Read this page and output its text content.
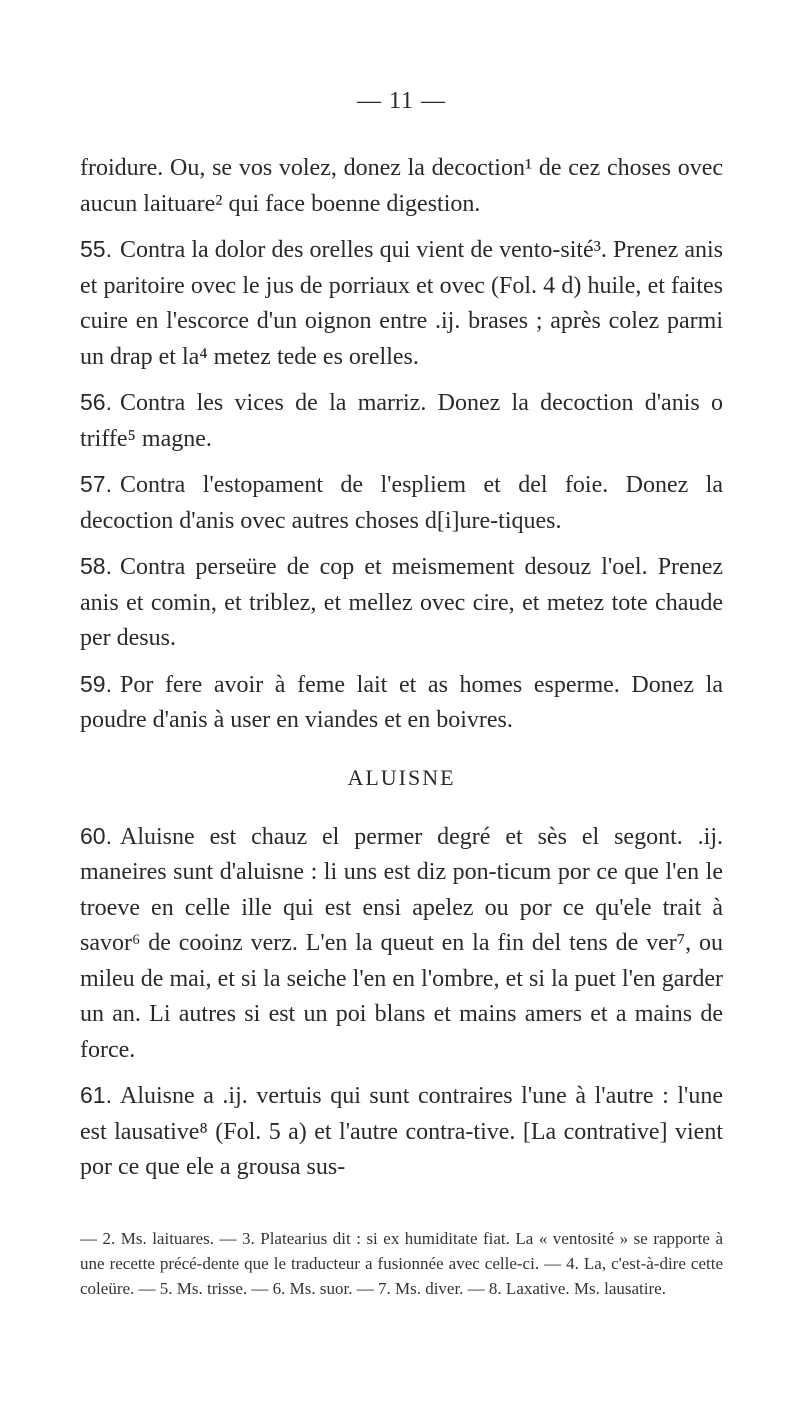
— 11 —

froidure. Ou, se vos volez, donez la decoction¹ de cez choses ovec aucun laituare² qui face boenne digestion.

55. Contra la dolor des orelles qui vient de vento-sité³. Prenez anis et paritoire ovec le jus de porriaux et ovec (Fol. 4 d) huile, et faites cuire en l'escorce d'un oignon entre .ij. brases ; après colez parmi un drap et la⁴ metez tede es orelles.

56. Contra les vices de la marriz. Donez la decoction d'anis o triffe⁵ magne.

57. Contra l'estopament de l'espliem et del foie. Donez la decoction d'anis ovec autres choses d[i]ure-tiques.

58. Contra perseüre de cop et meismement desouz l'oel. Prenez anis et comin, et triblez, et mellez ovec cire, et metez tote chaude per desus.

59. Por fere avoir à feme lait et as homes esperme. Donez la poudre d'anis à user en viandes et en boivres.

ALUISNE

60. Aluisne est chauz el permer degré et sès el segont. .ij. maneires sunt d'aluisne : li uns est diz pon-ticum por ce que l'en le troeve en celle ille qui est ensi apelez ou por ce qu'ele trait à savor⁶ de cooinz verz. L'en la queut en la fin del tens de ver⁷, ou mileu de mai, et si la seiche l'en en l'ombre, et si la puet l'en garder un an. Li autres si est un poi blans et mains amers et a mains de force.

61. Aluisne a .ij. vertuis qui sunt contraires l'une à l'autre : l'une est lausative⁸ (Fol. 5 a) et l'autre contra-tive. [La contrative] vient por ce que ele a grousa sus-

— 2. Ms. laituares. — 3. Platearius dit : si ex humiditate fiat. La « ventosité » se rapporte à une recette précé-dente que le traducteur a fusionnée avec celle-ci. — 4. La, c'est-à-dire cette coleüre. — 5. Ms. trisse. — 6. Ms. suor. — 7. Ms. diver. — 8. Laxative. Ms. lausatire.
